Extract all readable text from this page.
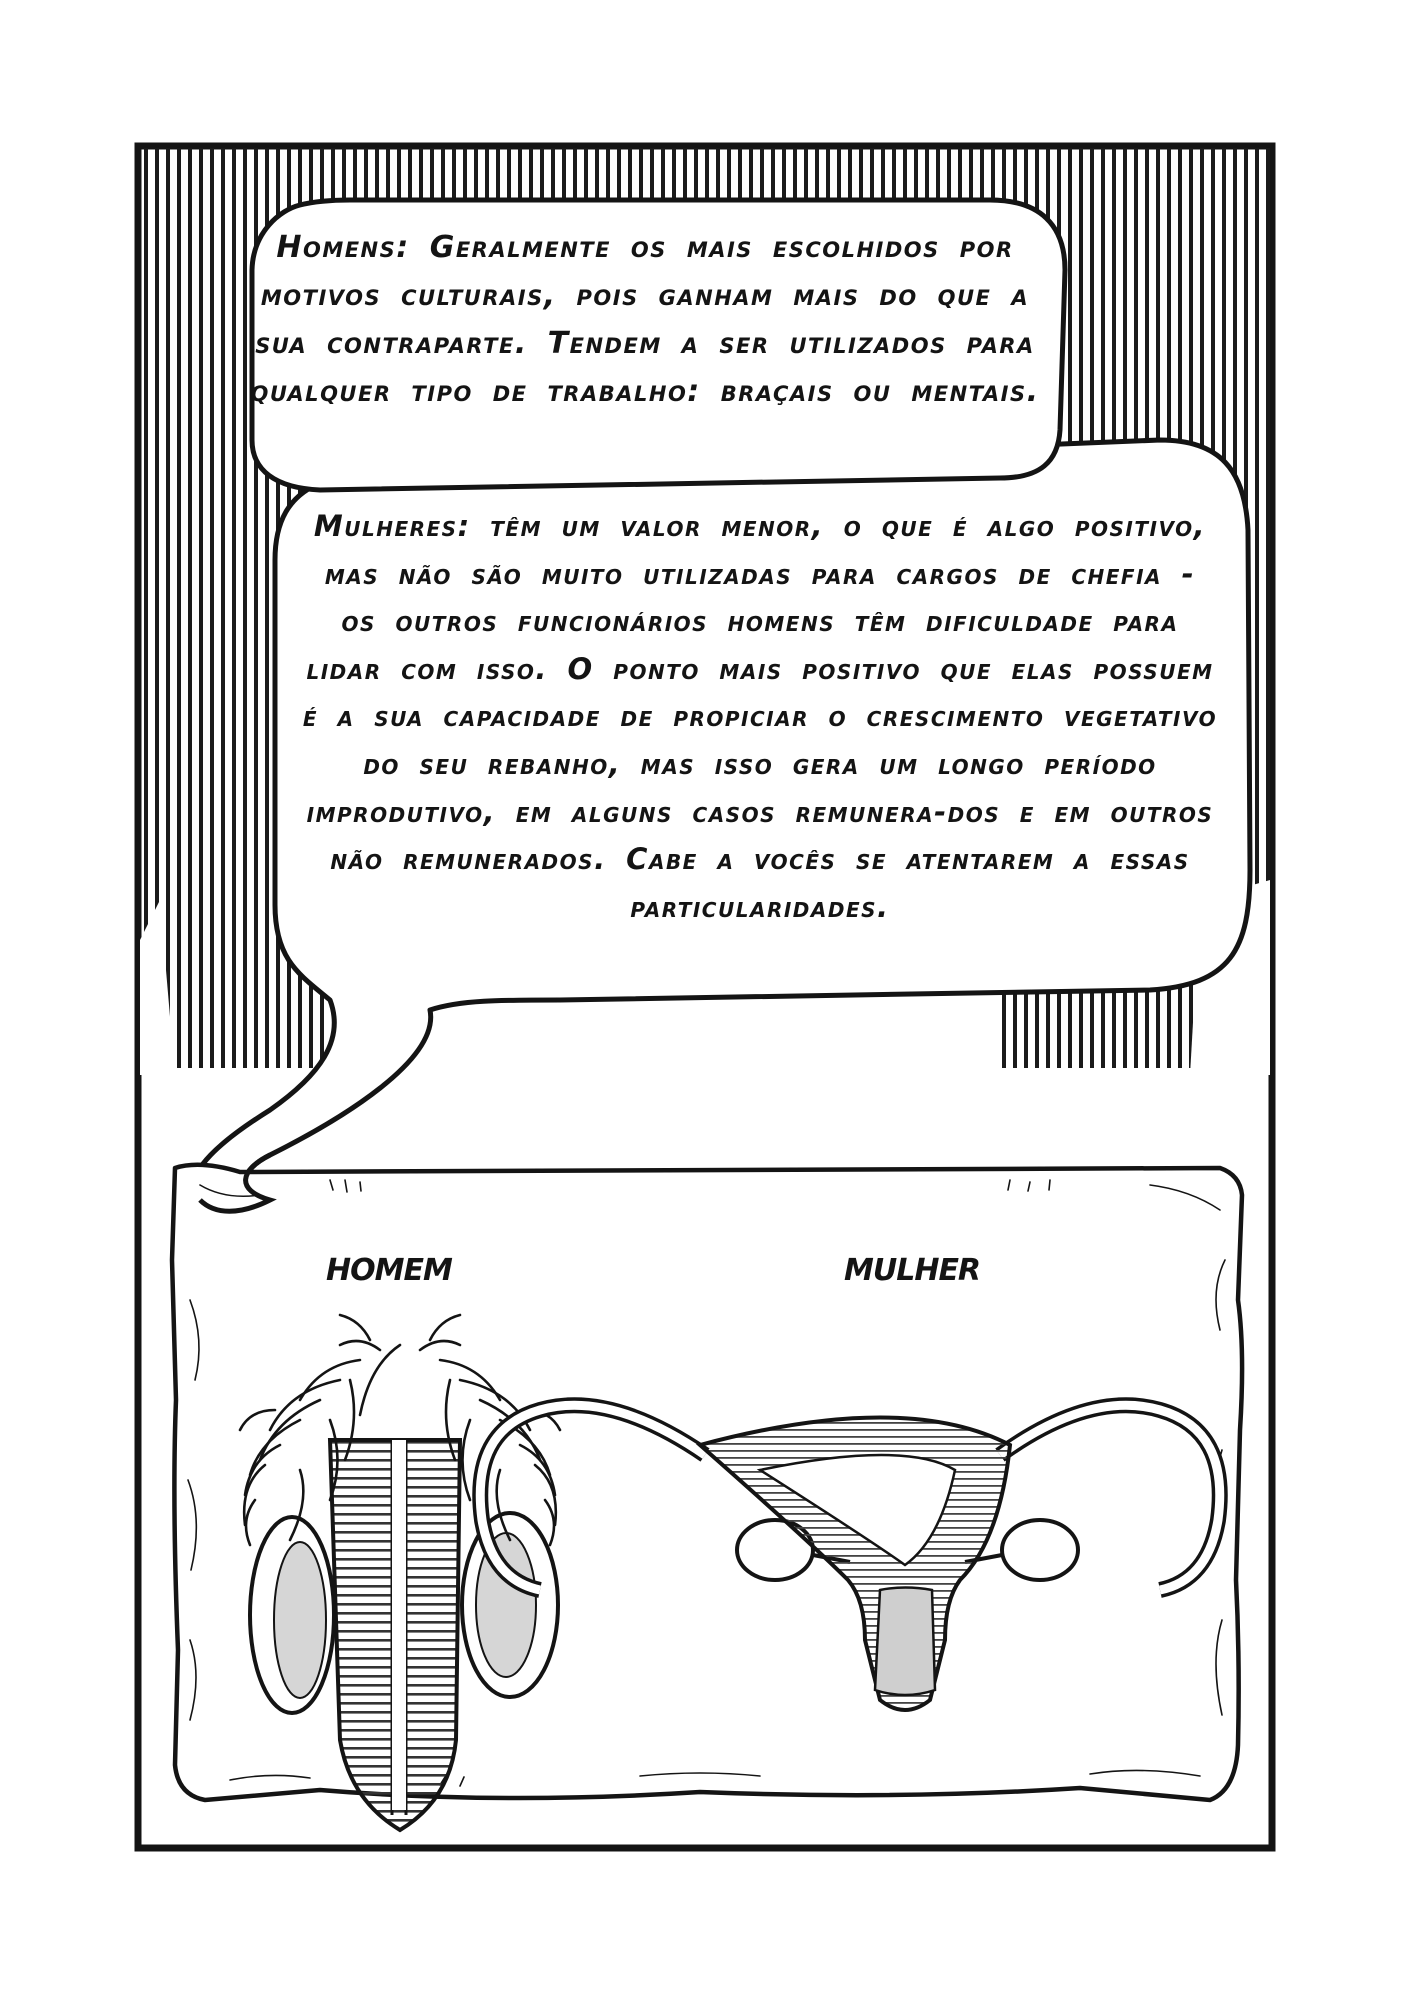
Homens: Geralmente os mais escolhidos por motivos culturais, pois ganham mais do que a sua contraparte. Tendem a ser utilizados para qualquer tipo de trabalho: braçais ou mentais.

Mulheres: têm um valor menor, o que é algo positivo, mas não são muito utilizadas para cargos de chefia - os outros funcionários homens têm dificuldade para lidar com isso. O ponto mais positivo que elas possuem é a sua capacidade de propiciar o crescimento vegetativo do seu rebanho, mas isso gera um longo período improdutivo, em alguns casos remunera-dos e em outros não remunerados. Cabe a vocês se atentarem a essas particularidades.

HOMEM	MULHER
